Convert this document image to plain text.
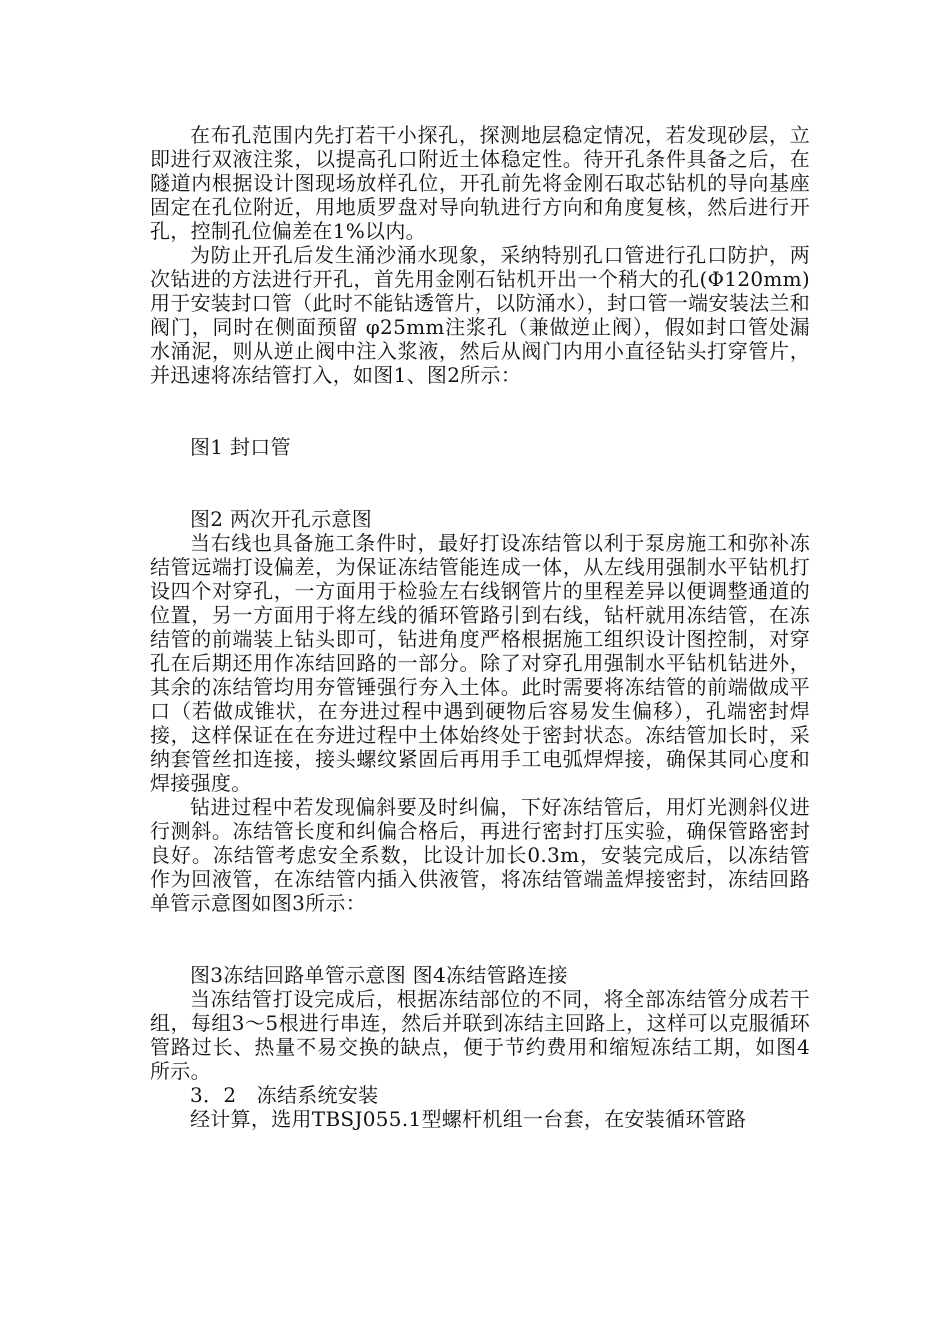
在布孔范围内先打若干小探孔，探测地层稳定情况，若发现砂层，立即进行双液注浆，以提高孔口附近土体稳定性。待开孔条件具备之后，在隧道内根据设计图现场放样孔位，开孔前先将金刚石取芯钻机的导向基座固定在孔位附近，用地质罗盘对导向轨进行方向和角度复核，然后进行开孔，控制孔位偏差在1%以内。

为防止开孔后发生涌沙涌水现象，采纳特别孔口管进行孔口防护，两次钻进的方法进行开孔，首先用金刚石钻机开出一个稍大的孔(Φ120mm)用于安装封口管（此时不能钻透管片，以防涌水），封口管一端安装法兰和阀门，同时在侧面预留 φ25mm注浆孔（兼做逆止阀），假如封口管处漏水涌泥，则从逆止阀中注入浆液，然后从阀门内用小直径钻头打穿管片，并迅速将冻结管打入，如图1、图2所示：

图1 封口管

图2 两次开孔示意图

当右线也具备施工条件时，最好打设冻结管以利于泵房施工和弥补冻结管远端打设偏差，为保证冻结管能连成一体，从左线用强制水平钻机打设四个对穿孔，一方面用于检验左右线钢管片的里程差异以便调整通道的位置，另一方面用于将左线的循环管路引到右线，钻杆就用冻结管，在冻结管的前端装上钻头即可，钻进角度严格根据施工组织设计图控制，对穿孔在后期还用作冻结回路的一部分。除了对穿孔用强制水平钻机钻进外，其余的冻结管均用夯管锤强行夯入土体。此时需要将冻结管的前端做成平口（若做成锥状，在夯进过程中遇到硬物后容易发生偏移），孔端密封焊接，这样保证在在夯进过程中土体始终处于密封状态。冻结管加长时，采纳套管丝扣连接，接头螺纹紧固后再用手工电弧焊焊接，确保其同心度和焊接强度。

钻进过程中若发现偏斜要及时纠偏，下好冻结管后，用灯光测斜仪进行测斜。冻结管长度和纠偏合格后，再进行密封打压实验，确保管路密封良好。冻结管考虑安全系数，比设计加长0.3m，安装完成后，以冻结管作为回液管，在冻结管内插入供液管，将冻结管端盖焊接密封，冻结回路单管示意图如图3所示：

图3冻结回路单管示意图 图4冻结管路连接

当冻结管打设完成后，根据冻结部位的不同，将全部冻结管分成若干组，每组3～5根进行串连，然后并联到冻结主回路上，这样可以克服循环管路过长、热量不易交换的缺点，便于节约费用和缩短冻结工期，如图4所示。

3．2　冻结系统安装

经计算，选用TBSJ055.1型螺杆机组一台套，在安装循环管路
